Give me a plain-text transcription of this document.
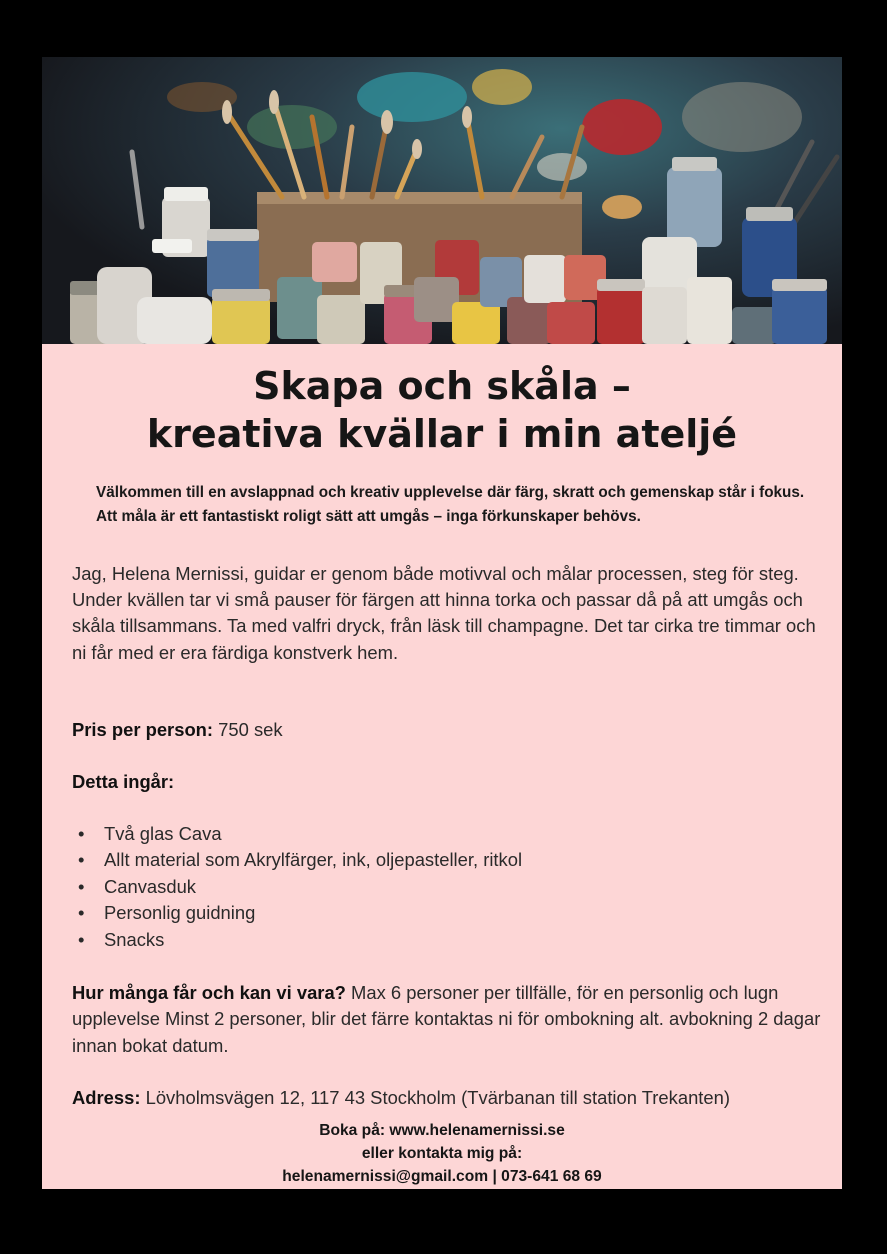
Skapa och skåla –
kreativa kvällar i min ateljé

Välkommen till en avslappnad och kreativ upplevelse där färg, skratt och gemenskap står i fokus. Att måla är ett fantastiskt roligt sätt att umgås – inga förkunskaper behövs.

Jag, Helena Mernissi, guidar er genom både motivval och målar processen, steg för steg. Under kvällen tar vi små pauser för färgen att hinna torka och passar då på att umgås och skåla tillsammans. Ta med valfri dryck, från läsk till champagne. Det tar cirka tre timmar och ni får med er era färdiga konstverk hem.

Pris per person: 750 sek

Detta ingår:

• Två glas Cava
• Allt material som Akrylfärger, ink, oljepasteller, ritkol
• Canvasduk
• Personlig guidning
• Snacks

Hur många får och kan vi vara? Max 6 personer per tillfälle, för en personlig och lugn upplevelse Minst 2 personer, blir det färre kontaktas ni för ombokning alt. avbokning 2 dagar innan bokat datum.

Adress: Lövholmsvägen 12, 117 43 Stockholm (Tvärbanan till station Trekanten)

Boka på: www.helenamernissi.se
eller kontakta mig på:
helenamernissi@gmail.com | 073-641 68 69
